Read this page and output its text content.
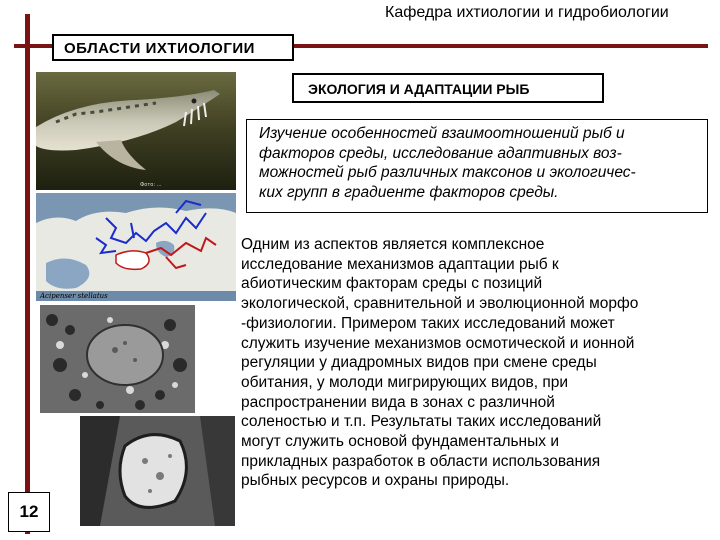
Кафедра ихтиологии и гидробиологии
ОБЛАСТИ ИХТИОЛОГИИ
Фото: ...
Acipenser stellatus
ЭКОЛОГИЯ И АДАПТАЦИИ РЫБ
Изучение особенностей взаимоотношений рыб и
факторов среды, исследование адаптивных воз-
можностей рыб различных таксонов и экологичес-
ких групп в градиенте факторов среды.
Одним из аспектов является комплексное
исследование механизмов адаптации рыб к
абиотическим факторам среды с позиций
экологической, сравнительной и эволюционной морфо
-физиологии. Примером таких исследований может
служить изучение механизмов осмотической и ионной
регуляции у диадромных видов при смене среды
обитания, у молоди мигрирующих видов, при
распространении вида в зонах с различной
соленостью и т.п. Результаты таких исследований
могут служить основой фундаментальных и
прикладных разработок в области использования
рыбных ресурсов и охраны природы.
12
